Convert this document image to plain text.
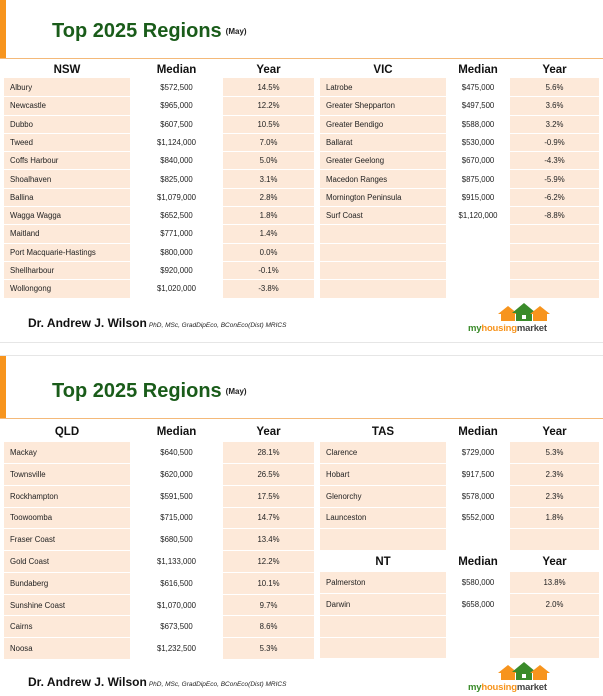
Top 2025 Regions (May)
NSW	Median	Year
Albury	$572,500	14.5%
Newcastle	$965,000	12.2%
Dubbo	$607,500	10.5%
Tweed	$1,124,000	7.0%
Coffs Harbour	$840,000	5.0%
Shoalhaven	$825,000	3.1%
Ballina	$1,079,000	2.8%
Wagga Wagga	$652,500	1.8%
Maitland	$771,000	1.4%
Port Macquarie-Hastings	$800,000	0.0%
Shellharbour	$920,000	-0.1%
Wollongong	$1,020,000	-3.8%
VIC	Median	Year
Latrobe	$475,000	5.6%
Greater Shepparton	$497,500	3.6%
Greater Bendigo	$588,000	3.2%
Ballarat	$530,000	-0.9%
Greater Geelong	$670,000	-4.3%
Macedon Ranges	$875,000	-5.9%
Mornington Peninsula	$915,000	-6.2%
Surf Coast	$1,120,000	-8.8%

Dr. Andrew J. Wilson PhD, MSc, GradDipEco, BConEco(Dist) MRICS	myhousingmarket
Top 2025 Regions (May)
QLD	Median	Year
Mackay	$640,500	28.1%
Townsville	$620,000	26.5%
Rockhampton	$591,500	17.5%
Toowoomba	$715,000	14.7%
Fraser Coast	$680,500	13.4%
Gold Coast	$1,133,000	12.2%
Bundaberg	$616,500	10.1%
Sunshine Coast	$1,070,000	9.7%
Cairns	$673,500	8.6%
Noosa	$1,232,500	5.3%
TAS	Median	Year
Clarence	$729,000	5.3%
Hobart	$917,500	2.3%
Glenorchy	$578,000	2.3%
Launceston	$552,000	1.8%

NT	Median	Year
Palmerston	$580,000	13.8%
Darwin	$658,000	2.0%

Dr. Andrew J. Wilson PhD, MSc, GradDipEco, BConEco(Dist) MRICS	myhousingmarket
